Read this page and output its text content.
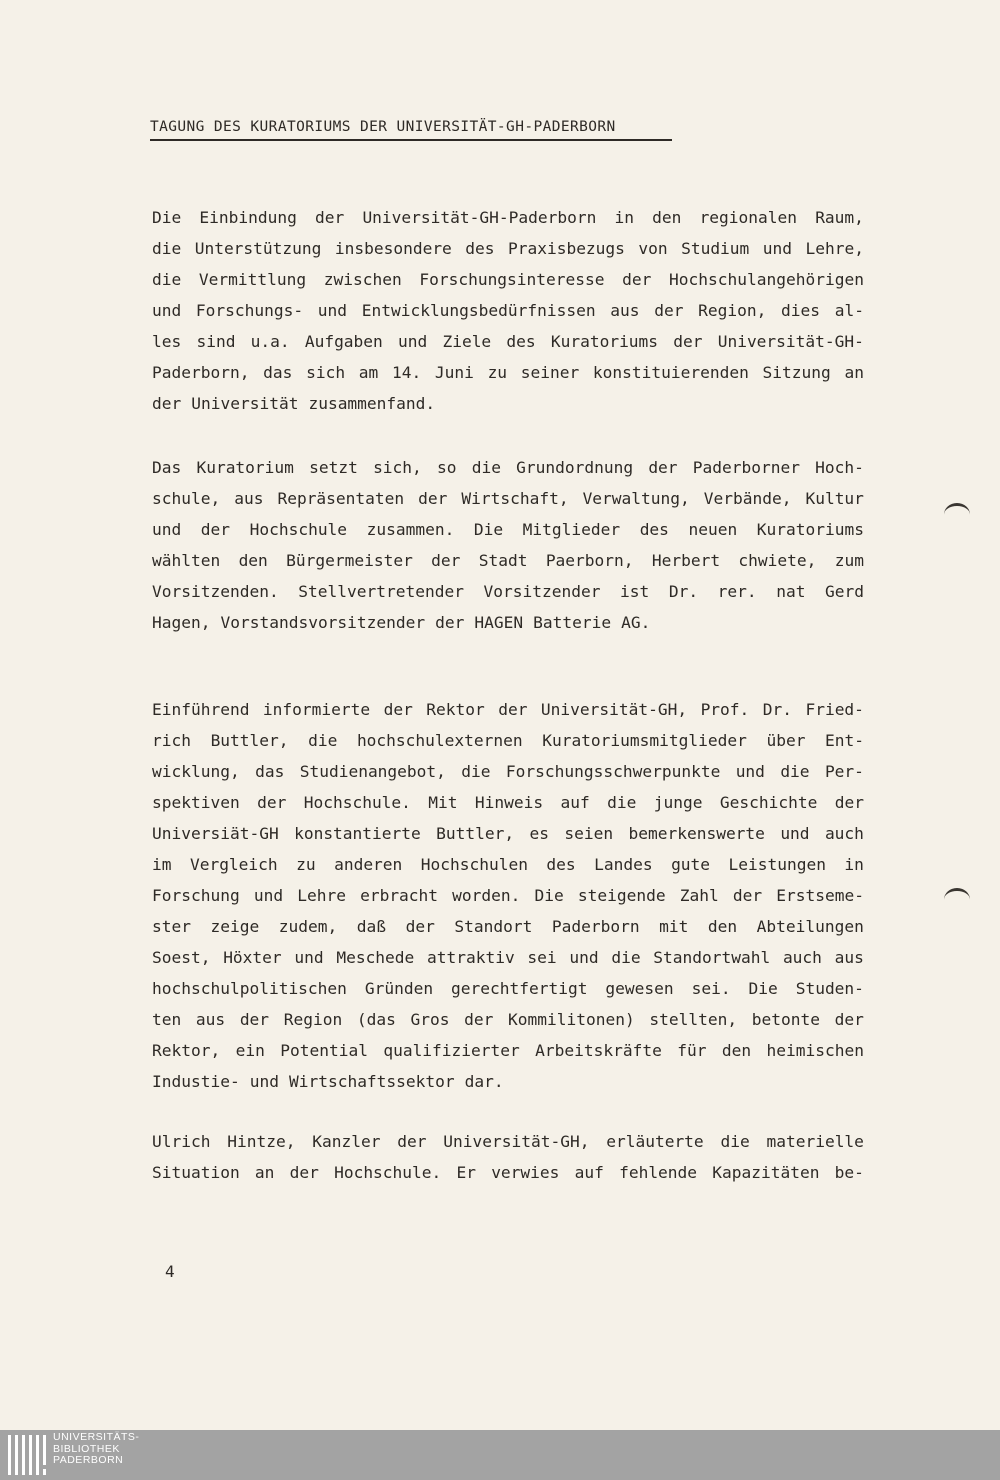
TAGUNG DES KURATORIUMS DER UNIVERSITÄT-GH-PADERBORN
Die Einbindung der Universität-GH-Paderborn in den regionalen Raum,
die Unterstützung insbesondere des Praxisbezugs von Studium und Lehre,
die Vermittlung zwischen Forschungsinteresse der Hochschulangehörigen
und Forschungs- und Entwicklungsbedürfnissen aus der Region, dies al-
les sind u.a. Aufgaben und Ziele des Kuratoriums der Universität-GH-
Paderborn, das sich am 14. Juni zu seiner konstituierenden Sitzung an
der Universität zusammenfand.
Das Kuratorium setzt sich, so die Grundordnung der Paderborner Hoch-
schule, aus Repräsentaten der Wirtschaft, Verwaltung, Verbände, Kultur
und der Hochschule zusammen. Die Mitglieder des neuen Kuratoriums
wählten den Bürgermeister der Stadt Paerborn, Herbert chwiete, zum
Vorsitzenden. Stellvertretender Vorsitzender ist Dr. rer. nat Gerd
Hagen, Vorstandsvorsitzender der HAGEN Batterie AG.
Einführend informierte der Rektor der Universität-GH, Prof. Dr. Fried-
rich Buttler, die hochschulexternen Kuratoriumsmitglieder über Ent-
wicklung, das Studienangebot, die Forschungsschwerpunkte und die Per-
spektiven der Hochschule. Mit Hinweis auf die junge Geschichte der
Universiät-GH konstantierte Buttler, es seien bemerkenswerte und auch
im Vergleich zu anderen Hochschulen des Landes gute Leistungen in
Forschung und Lehre erbracht worden. Die steigende Zahl der Erstseme-
ster zeige zudem, daß der Standort Paderborn mit den Abteilungen
Soest, Höxter und Meschede attraktiv sei und die Standortwahl auch aus
hochschulpolitischen Gründen gerechtfertigt gewesen sei. Die Studen-
ten aus der Region (das Gros der Kommilitonen) stellten, betonte der
Rektor, ein Potential qualifizierter Arbeitskräfte für den heimischen
Industie- und Wirtschaftssektor dar.
Ulrich Hintze, Kanzler der Universität-GH, erläuterte die materielle
Situation an der Hochschule. Er verwies auf fehlende Kapazitäten be-
4
UNIVERSITÄTS-
BIBLIOTHEK
PADERBORN
